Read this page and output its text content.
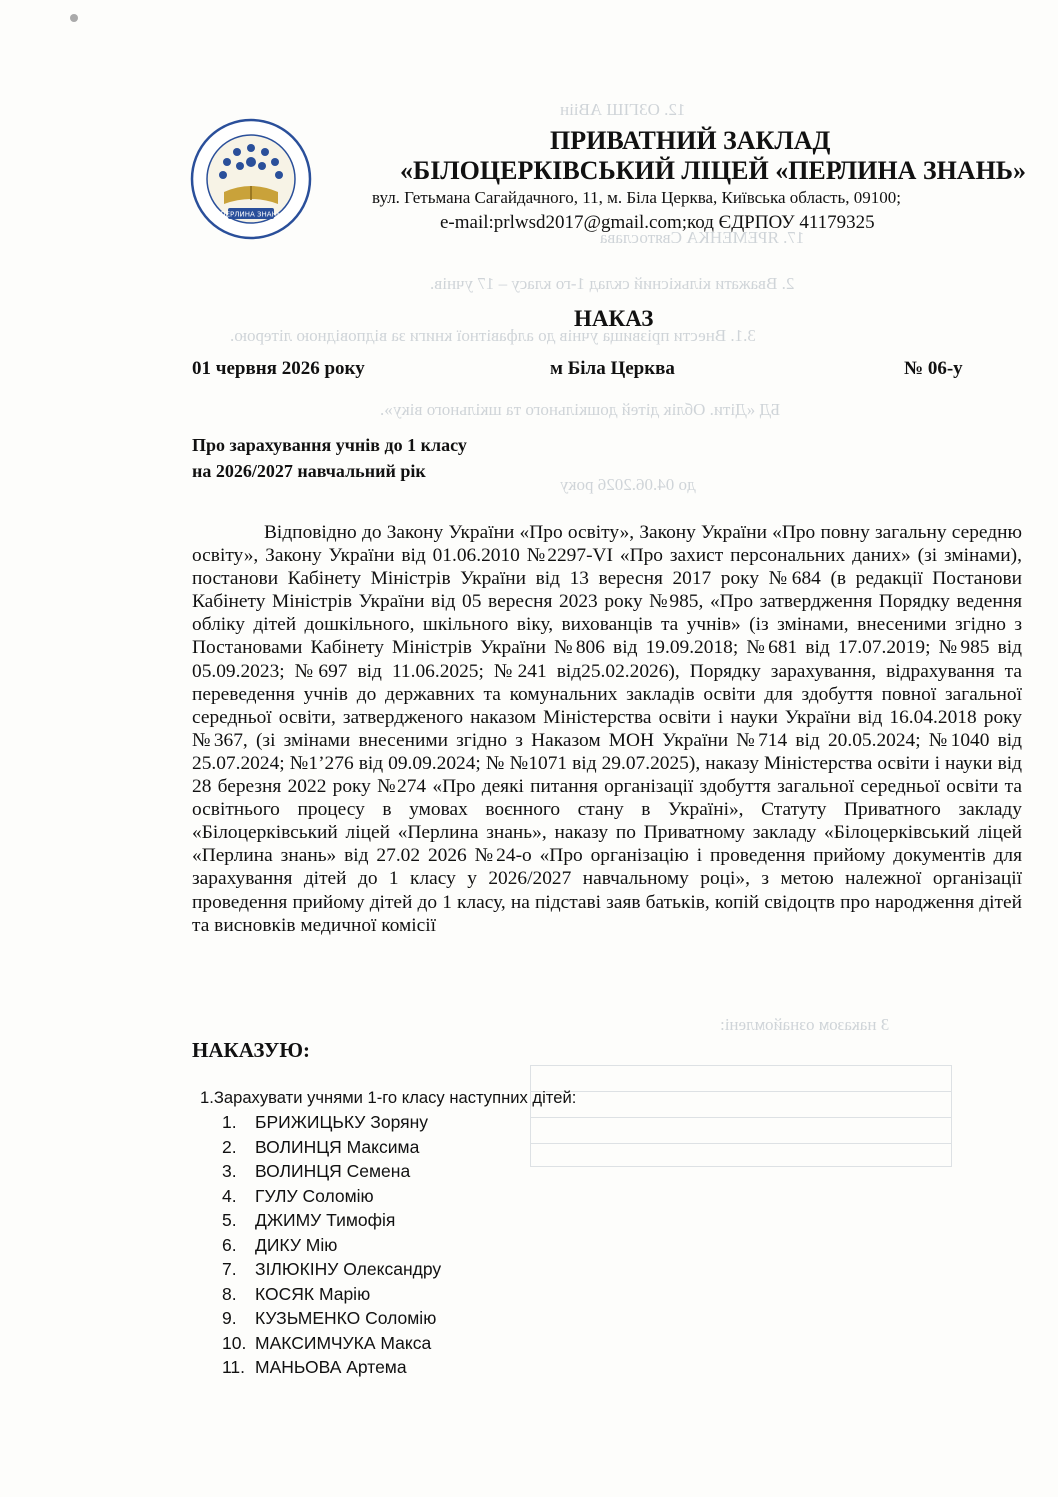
12. ОЗГІШ АВіін
17. ЯРЕМЕНКА Святослава
2. Вважати кількісний склад 1-го класу – 17 учнів.
3.1. Внести прізвища учнів до алфавітної книги за відповідною літерою.
БД «Діти. Облік дітей дошкільного та шкільного віку».
до 04.06.2026 року
З наказом ознайомлені:
ПЕРЛИНА ЗНАНЬ
ПРИВАТНИЙ ЗАКЛАД
«БІЛОЦЕРКІВСЬКИЙ ЛІЦЕЙ «ПЕРЛИНА ЗНАНЬ»
вул. Гетьмана Сагайдачного, 11, м. Біла Церква, Київська область, 09100;
e-mail:prlwsd2017@gmail.com;код ЄДРПОУ 41179325
НАКАЗ
01 червня 2026 року	м Біла Церква	№ 06-у
Про зарахування учнів до 1 класу
на 2026/2027 навчальний рік
Відповідно до Закону України «Про освіту», Закону України «Про повну загальну середню освіту», Закону України від 01.06.2010 №2297-VI «Про захист персональних даних» (зі змінами), постанови Кабінету Міністрів України від 13 вересня 2017 року №684 (в редакції Постанови Кабінету Міністрів України від 05 вересня 2023 року №985, «Про затвердження Порядку ведення обліку дітей дошкільного, шкільного віку, вихованців та учнів» (із змінами, внесеними згідно з Постановами Кабінету Міністрів України №806 від 19.09.2018; №681 від 17.07.2019; №985 від 05.09.2023; №697 від 11.06.2025; №241 від25.02.2026), Порядку зарахування, відрахування та переведення учнів до державних та комунальних закладів освіти для здобуття повної загальної середньої освіти, затвердженого наказом Міністерства освіти і науки України від 16.04.2018 року №367, (зі змінами внесеними згідно з Наказом МОН України №714 від 20.05.2024; №1040 від 25.07.2024; №1’276 від 09.09.2024; № №1071 від 29.07.2025), наказу Міністерства освіти і науки від 28 березня 2022 року №274 «Про деякі питання організації здобуття загальної середньої освіти та освітнього процесу в умовах воєнного стану в Україні», Статуту Приватного закладу «Білоцерківський ліцей «Перлина знань», наказу по Приватному закладу «Білоцерківський ліцей «Перлина знань» від 27.02 2026 №24-о «Про організацію і проведення прийому документів для зарахування дітей до 1 класу у 2026/2027 навчальному році», з метою належної організації проведення прийому дітей до 1 класу, на підставі заяв батьків, копій свідоцтв про народження дітей та висновків медичної комісії
НАКАЗУЮ:
1.Зарахувати учнями 1-го класу наступних дітей:
1. БРИЖИЦЬКУ Зоряну
2. ВОЛИНЦЯ Максима
3. ВОЛИНЦЯ Семена
4. ГУЛУ Соломію
5. ДЖИМУ Тимофія
6. ДИКУ Мію
7. ЗІЛЮКІНУ Олександру
8. КОСЯК Марію
9. КУЗЬМЕНКО Соломію
10. МАКСИМЧУКА Макса
11. МАНЬОВА Артема
